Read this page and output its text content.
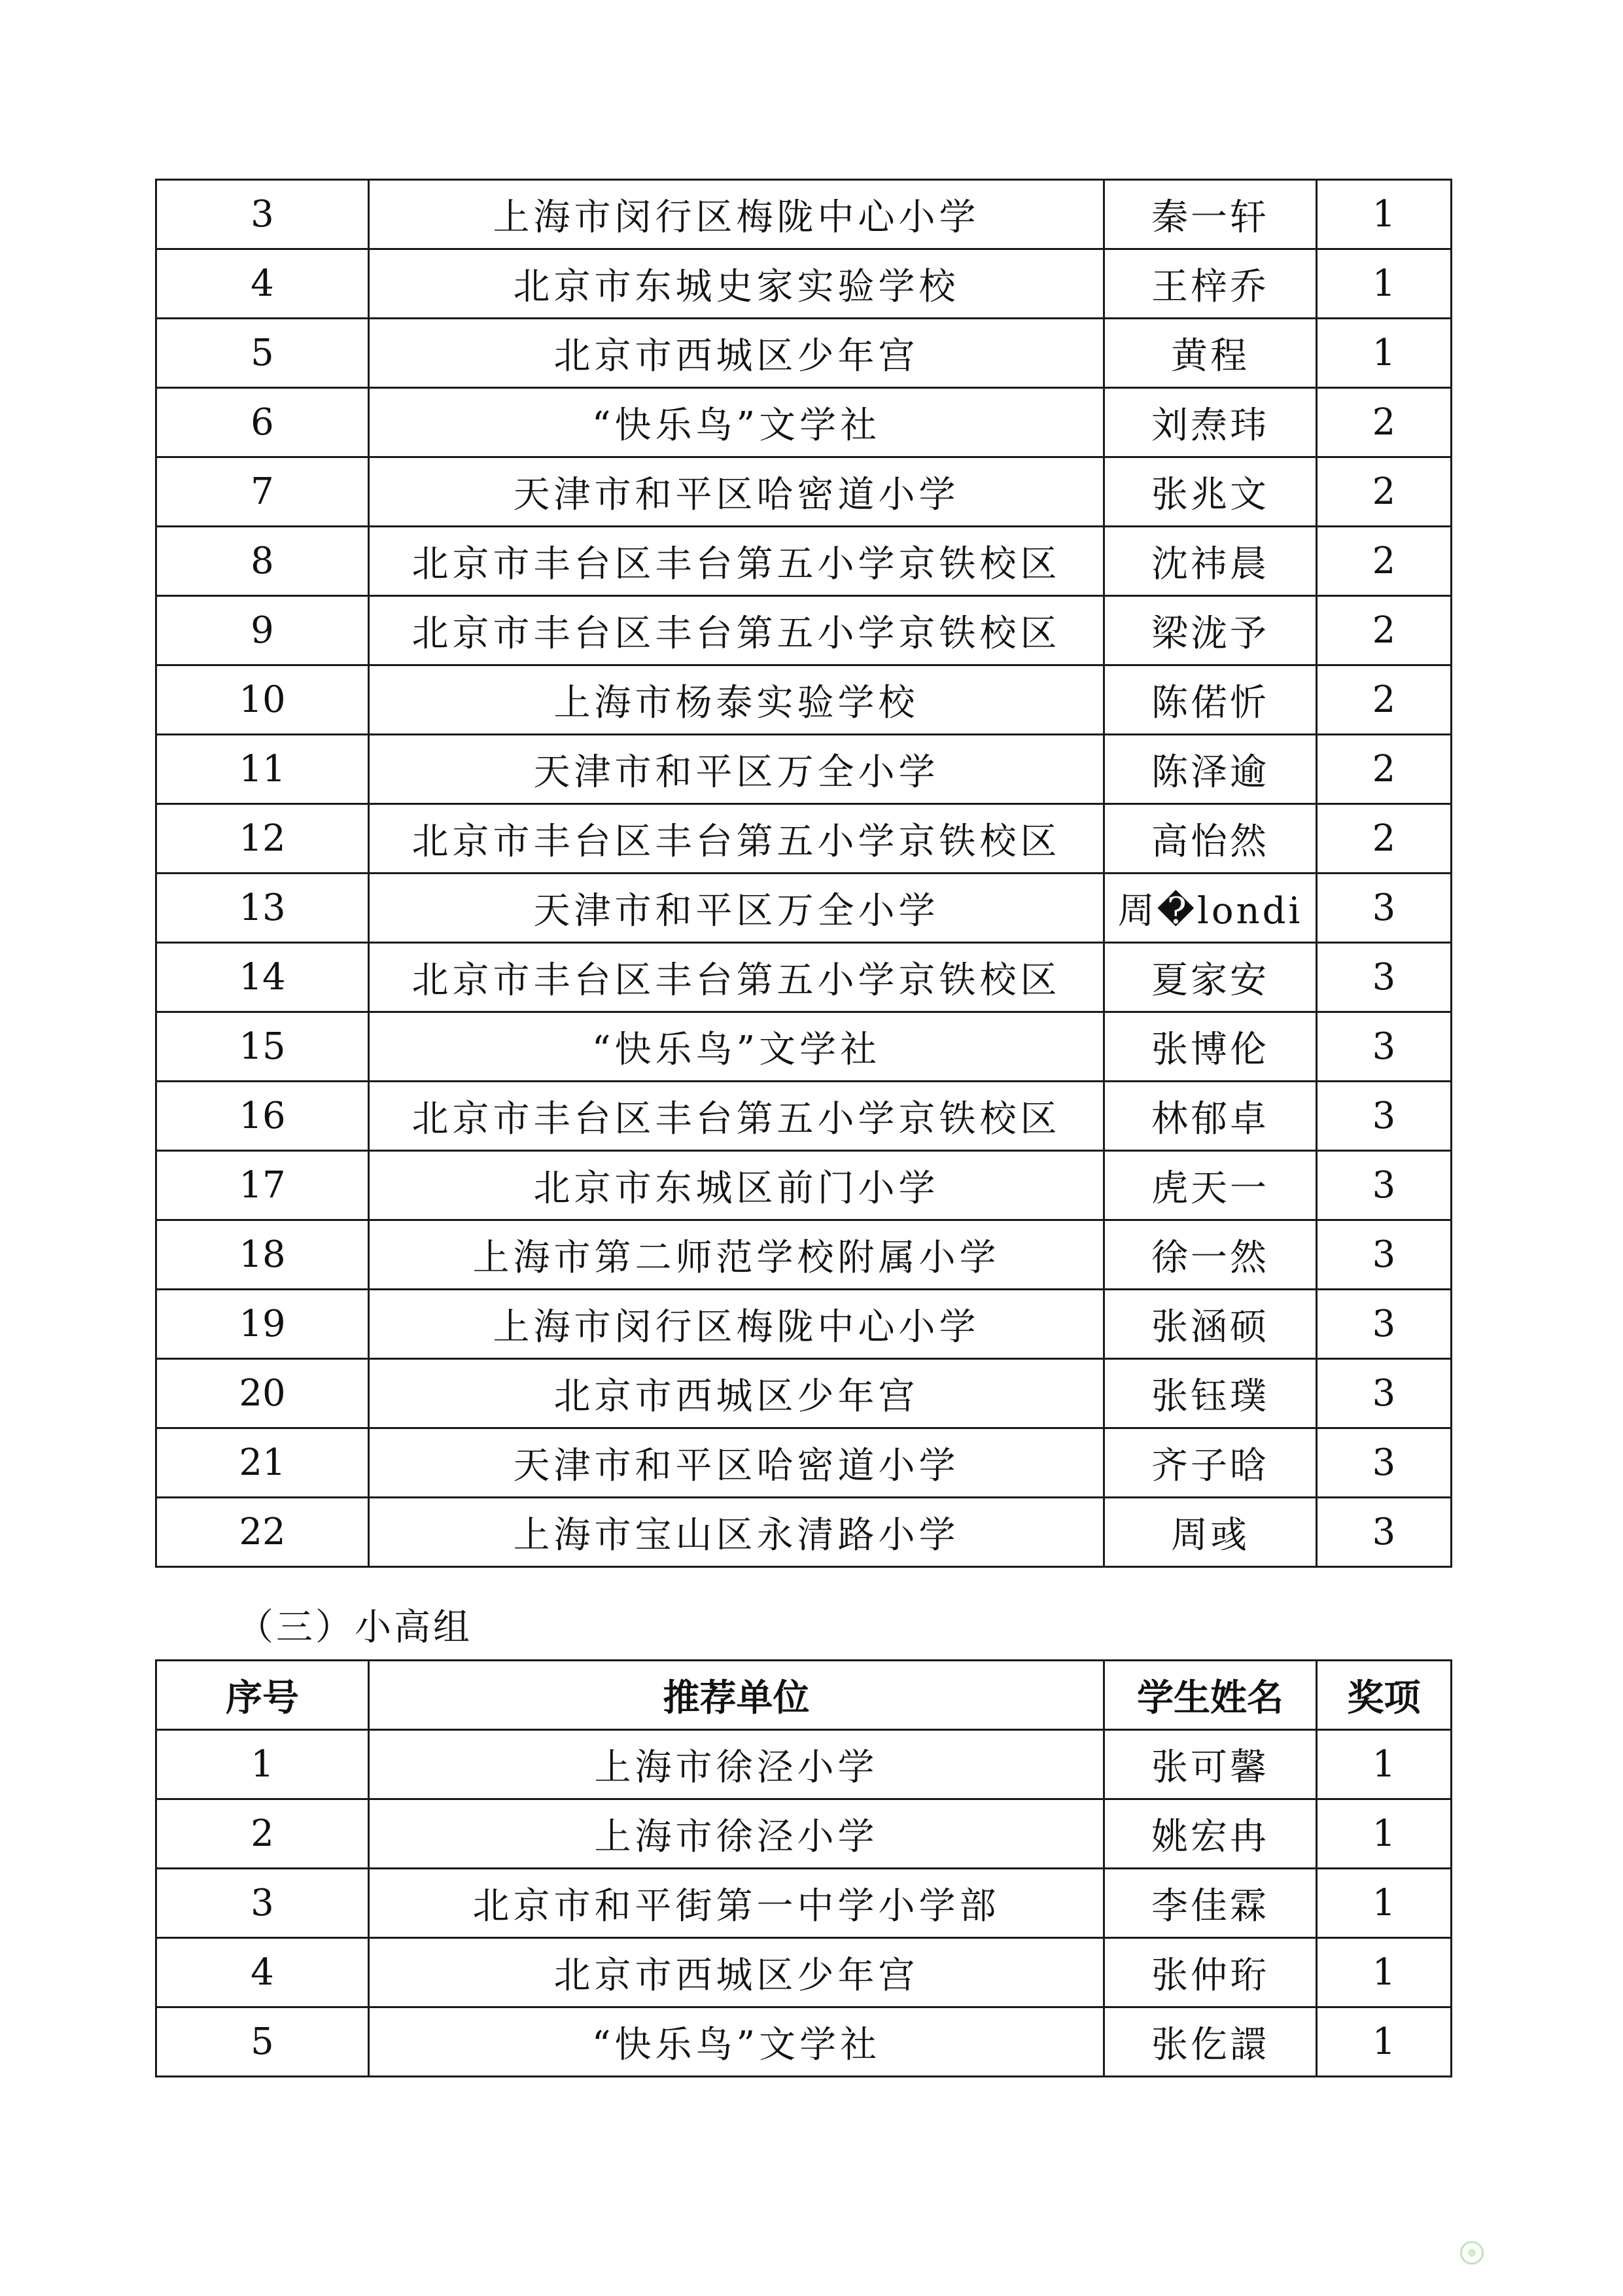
3	上海市闵行区梅陇中心小学	秦一轩	1
4	北京市东城史家实验学校	王梓乔	1
5	北京市西城区少年宫	黄程	1
6	“快乐鸟”文学社	刘焘玮	2
7	天津市和平区哈密道小学	张兆文	2
8	北京市丰台区丰台第五小学京铁校区	沈祎晨	2
9	北京市丰台区丰台第五小学京铁校区	梁泷予	2
10	上海市杨泰实验学校	陈偌忻	2
11	天津市和平区万全小学	陈泽逾	2
12	北京市丰台区丰台第五小学京铁校区	高怡然	2
13	天津市和平区万全小学	周�londi	3
14	北京市丰台区丰台第五小学京铁校区	夏家安	3
15	“快乐鸟”文学社	张博伦	3
16	北京市丰台区丰台第五小学京铁校区	林郁卓	3
17	北京市东城区前门小学	虎天一	3
18	上海市第二师范学校附属小学	徐一然	3
19	上海市闵行区梅陇中心小学	张涵硕	3
20	北京市西城区少年宫	张钰璞	3
21	天津市和平区哈密道小学	齐子晗	3
22	上海市宝山区永清路小学	周彧	3
（三）小高组
序号	推荐单位	学生姓名	奖项
1	上海市徐泾小学	张可馨	1
2	上海市徐泾小学	姚宏冉	1
3	北京市和平街第一中学小学部	李佳霖	1
4	北京市西城区少年宫	张仲珩	1
5	“快乐鸟”文学社	张仡譞	1
